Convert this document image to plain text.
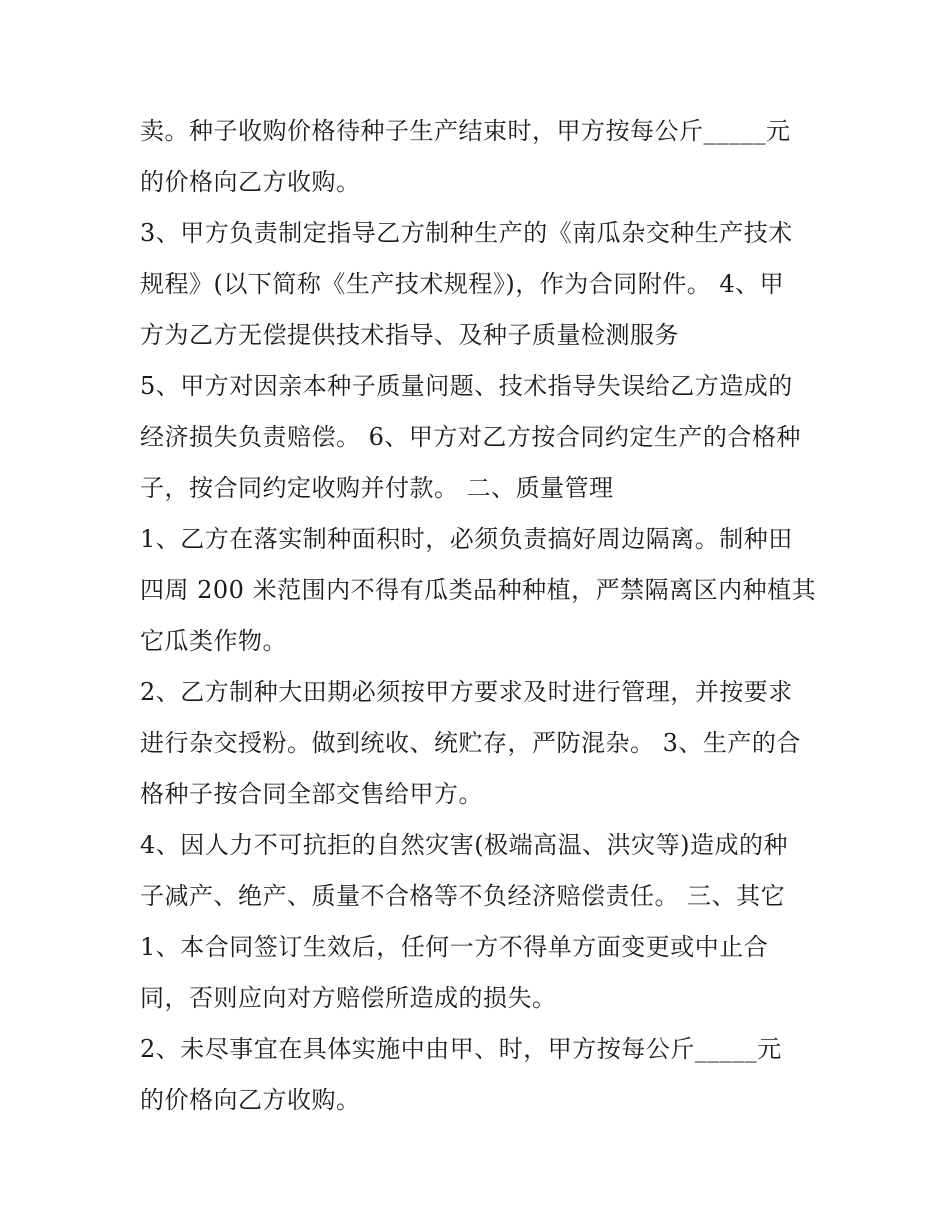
卖。种子收购价格待种子生产结束时，甲方按每公斤_____元
的价格向乙方收购。
3、甲方负责制定指导乙方制种生产的《南瓜杂交种生产技术
规程》(以下简称《生产技术规程》)，作为合同附件。 4、甲
方为乙方无偿提供技术指导、及种子质量检测服务
5、甲方对因亲本种子质量问题、技术指导失误给乙方造成的
经济损失负责赔偿。 6、甲方对乙方按合同约定生产的合格种
子，按合同约定收购并付款。 二、质量管理
1、乙方在落实制种面积时，必须负责搞好周边隔离。制种田
四周 200 米范围内不得有瓜类品种种植，严禁隔离区内种植其
它瓜类作物。
2、乙方制种大田期必须按甲方要求及时进行管理，并按要求
进行杂交授粉。做到统收、统贮存，严防混杂。 3、生产的合
格种子按合同全部交售给甲方。
4、因人力不可抗拒的自然灾害(极端高温、洪灾等)造成的种
子减产、绝产、质量不合格等不负经济赔偿责任。 三、其它
1、本合同签订生效后，任何一方不得单方面变更或中止合
同，否则应向对方赔偿所造成的损失。
2、未尽事宜在具体实施中由甲、时，甲方按每公斤_____元
的价格向乙方收购。
